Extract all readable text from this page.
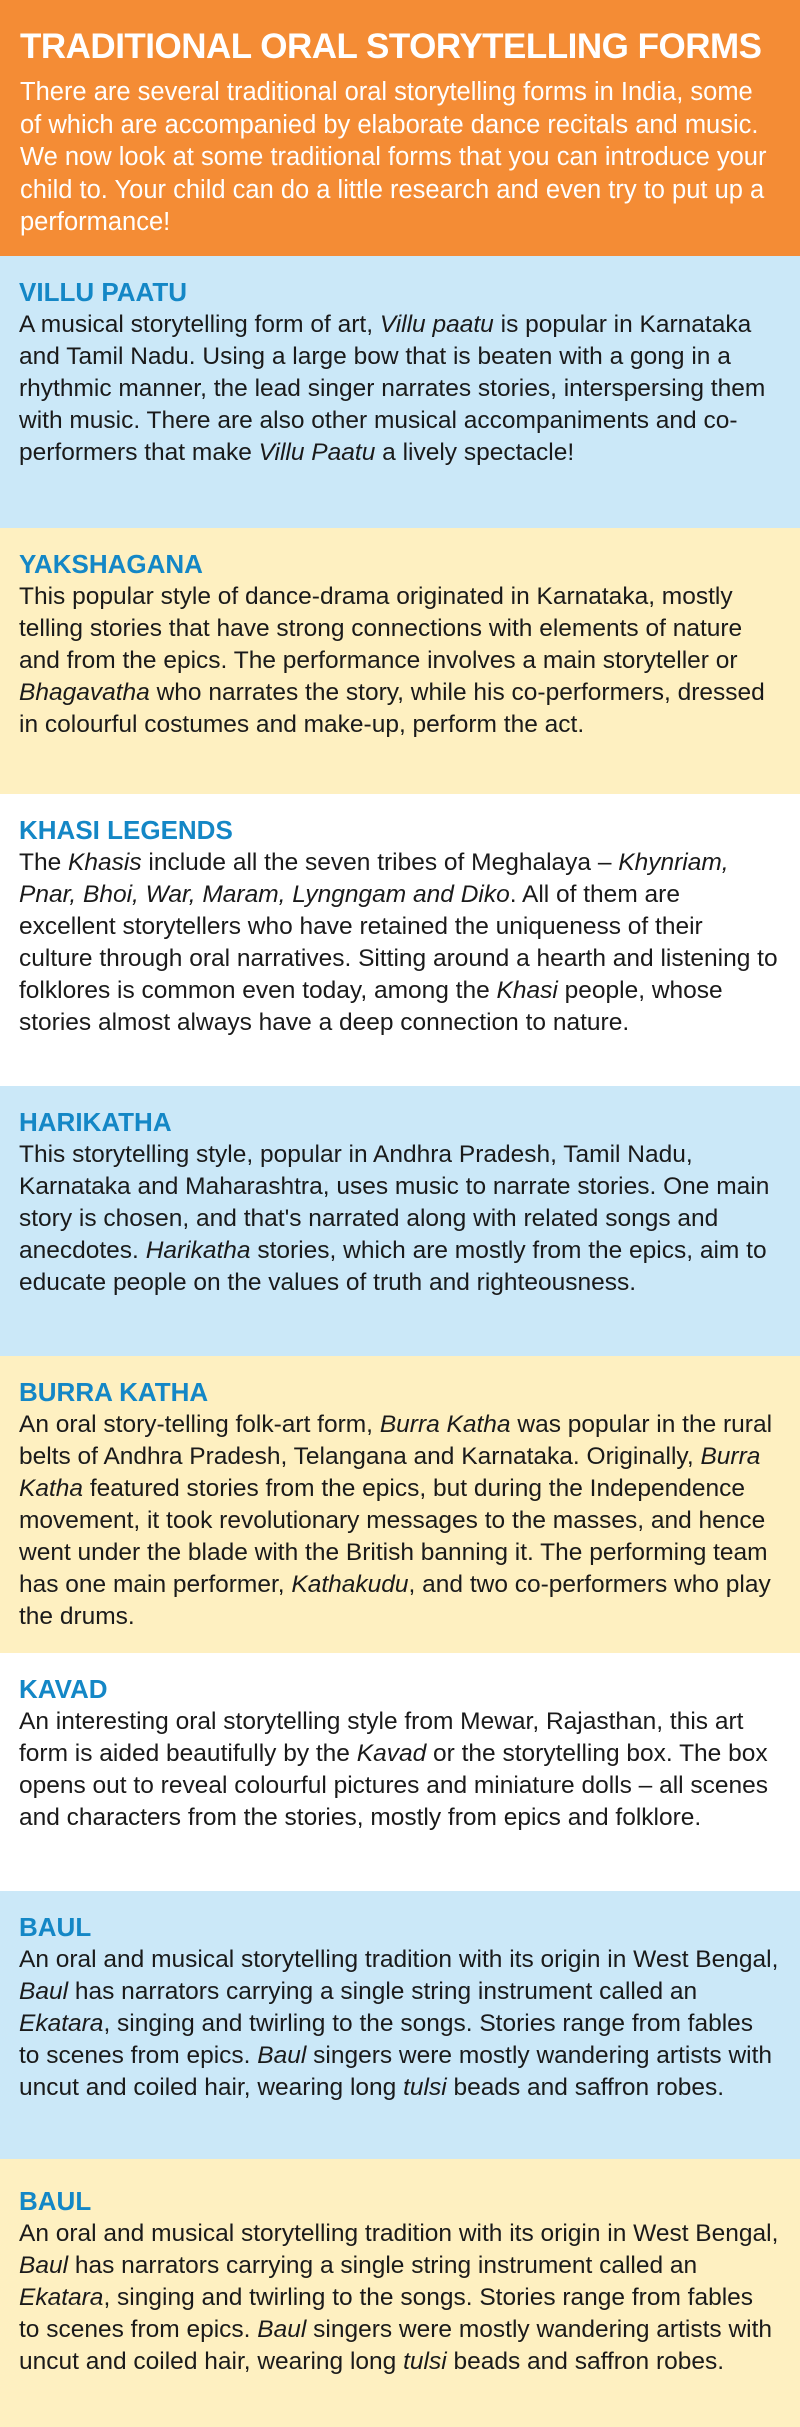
TRADITIONAL ORAL STORYTELLING FORMS

There are several traditional oral storytelling forms in India, some of which are accompanied by elaborate dance recitals and music. We now look at some traditional forms that you can introduce your child to. Your child can do a little research and even try to put up a performance!

VILLU PAATU

A musical storytelling form of art, Villu paatu is popular in Karnataka and Tamil Nadu. Using a large bow that is beaten with a gong in a rhythmic manner, the lead singer narrates stories, interspersing them with music. There are also other musical accompaniments and co-performers that make Villu Paatu a lively spectacle!

YAKSHAGANA

This popular style of dance-drama originated in Karnataka, mostly telling stories that have strong connections with elements of nature and from the epics. The performance involves a main storyteller or Bhagavatha who narrates the story, while his co-performers, dressed in colourful costumes and make-up, perform the act.

KHASI LEGENDS

The Khasis include all the seven tribes of Meghalaya – Khynriam, Pnar, Bhoi, War, Maram, Lyngngam and Diko. All of them are excellent storytellers who have retained the uniqueness of their culture through oral narratives. Sitting around a hearth and listening to folklores is common even today, among the Khasi people, whose stories almost always have a deep connection to nature.

HARIKATHA

This storytelling style, popular in Andhra Pradesh, Tamil Nadu, Karnataka and Maharashtra, uses music to narrate stories. One main story is chosen, and that's narrated along with related songs and anecdotes. Harikatha stories, which are mostly from the epics, aim to educate people on the values of truth and righteousness.

BURRA KATHA

An oral story-telling folk-art form, Burra Katha was popular in the rural belts of Andhra Pradesh, Telangana and Karnataka. Originally, Burra Katha featured stories from the epics, but during the Independence movement, it took revolutionary messages to the masses, and hence went under the blade with the British banning it. The performing team has one main performer, Kathakudu, and two co-performers who play the drums.

KAVAD

An interesting oral storytelling style from Mewar, Rajasthan, this art form is aided beautifully by the Kavad or the storytelling box. The box opens out to reveal colourful pictures and miniature dolls – all scenes and characters from the stories, mostly from epics and folklore.

BAUL

An oral and musical storytelling tradition with its origin in West Bengal, Baul has narrators carrying a single string instrument called an Ekatara, singing and twirling to the songs. Stories range from fables to scenes from epics. Baul singers were mostly wandering artists with uncut and coiled hair, wearing long tulsi beads and saffron robes.

BAUL

An oral and musical storytelling tradition with its origin in West Bengal, Baul has narrators carrying a single string instrument called an Ekatara, singing and twirling to the songs. Stories range from fables to scenes from epics. Baul singers were mostly wandering artists with uncut and coiled hair, wearing long tulsi beads and saffron robes.
